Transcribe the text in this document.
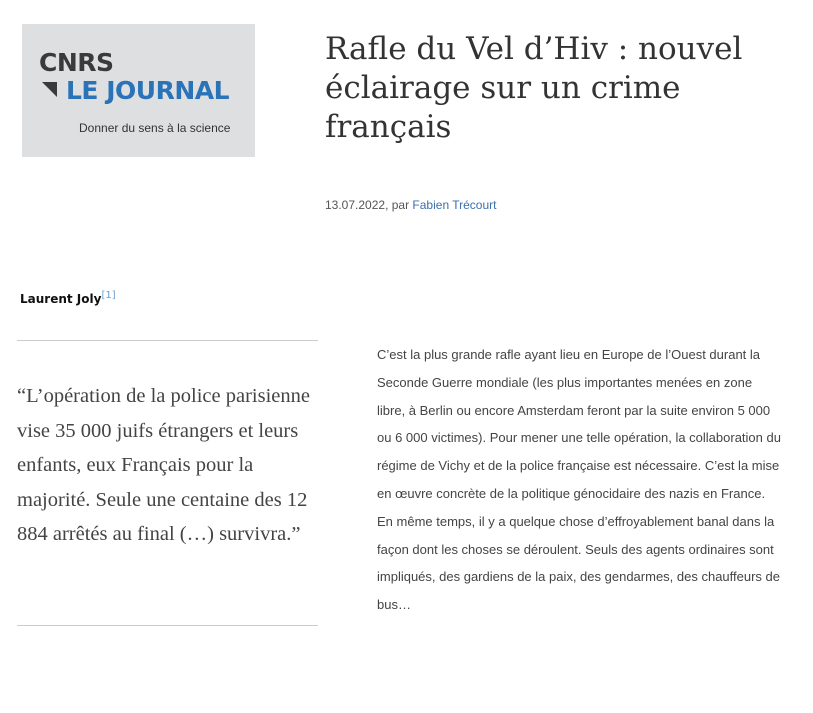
CNRS
LE JOURNAL
Donner du sens à la science
Rafle du Vel d’Hiv : nouvel éclairage sur un crime français
13.07.2022, par Fabien Trécourt
Laurent Joly[1]

“L’opération de la police parisienne vise 35 000 juifs étrangers et leurs enfants, eux Français pour la majorité. Seule une centaine des 12 884 arrêtés au final (…) survivra.”

C’est la plus grande rafle ayant lieu en Europe de l’Ouest durant la Seconde Guerre mondiale (les plus importantes menées en zone libre, à Berlin ou encore Amsterdam feront par la suite environ 5 000 ou 6 000 victimes). Pour mener une telle opération, la collaboration du régime de Vichy et de la police française est nécessaire. C’est la mise en œuvre concrète de la politique génocidaire des nazis en France. En même temps, il y a quelque chose d’effroyablement banal dans la façon dont les choses se déroulent. Seuls des agents ordinaires sont impliqués, des gardiens de la paix, des gendarmes, des chauffeurs de bus…
